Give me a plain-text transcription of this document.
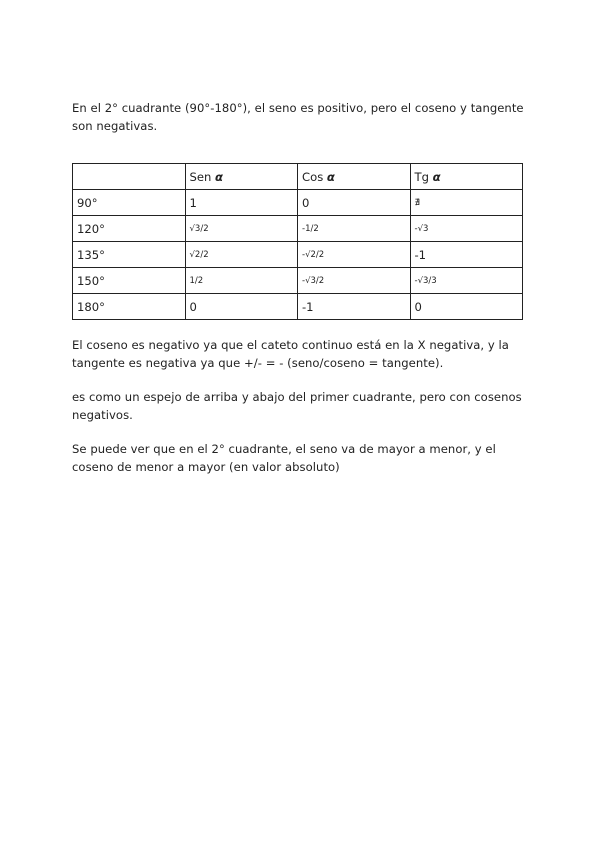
En el 2° cuadrante (90°-180°), el seno es positivo, pero el coseno y tangente son negativas.

	Sen α	Cos α	Tg α
90°	1	0	∄
120°	√3/2	-1/2	-√3
135°	√2/2	-√2/2	-1
150°	1/2	-√3/2	-√3/3
180°	0	-1	0

El coseno es negativo ya que el cateto continuo está en la X negativa, y la tangente es negativa ya que +/- = - (seno/coseno = tangente).

es como un espejo de arriba y abajo del primer cuadrante, pero con cosenos negativos.

Se puede ver que en el 2° cuadrante, el seno va de mayor a menor, y el coseno de menor a mayor (en valor absoluto)
